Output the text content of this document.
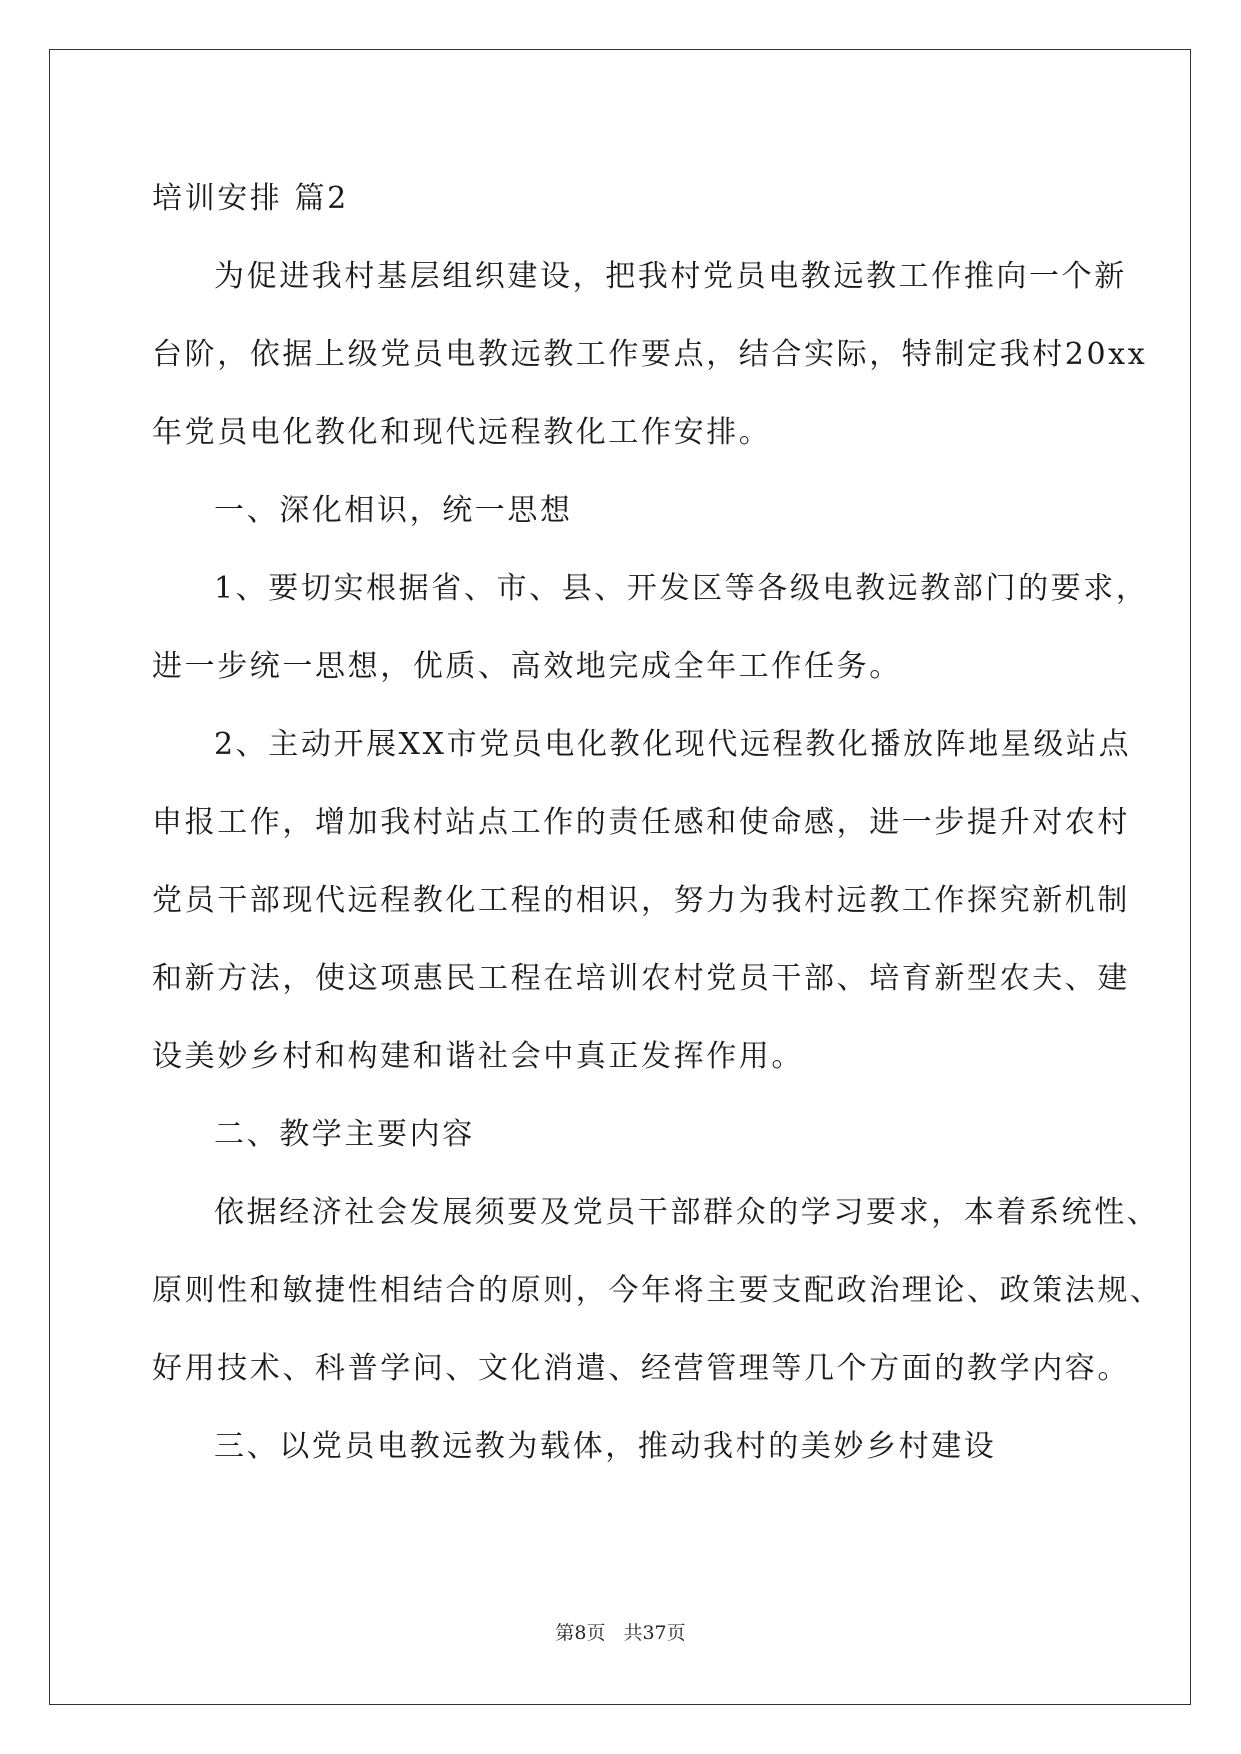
培训安排 篇2

为促进我村基层组织建设，把我村党员电教远教工作推向一个新

台阶，依据上级党员电教远教工作要点，结合实际，特制定我村20xx

年党员电化教化和现代远程教化工作安排。

一、深化相识，统一思想

1、要切实根据省、市、县、开发区等各级电教远教部门的要求，

进一步统一思想，优质、高效地完成全年工作任务。

2、主动开展XX市党员电化教化现代远程教化播放阵地星级站点

申报工作，增加我村站点工作的责任感和使命感，进一步提升对农村

党员干部现代远程教化工程的相识，努力为我村远教工作探究新机制

和新方法，使这项惠民工程在培训农村党员干部、培育新型农夫、建

设美妙乡村和构建和谐社会中真正发挥作用。

二、教学主要内容

依据经济社会发展须要及党员干部群众的学习要求，本着系统性、

原则性和敏捷性相结合的原则，今年将主要支配政治理论、政策法规、

好用技术、科普学问、文化消遣、经营管理等几个方面的教学内容。

三、以党员电教远教为载体，推动我村的美妙乡村建设

第8页 共37页
